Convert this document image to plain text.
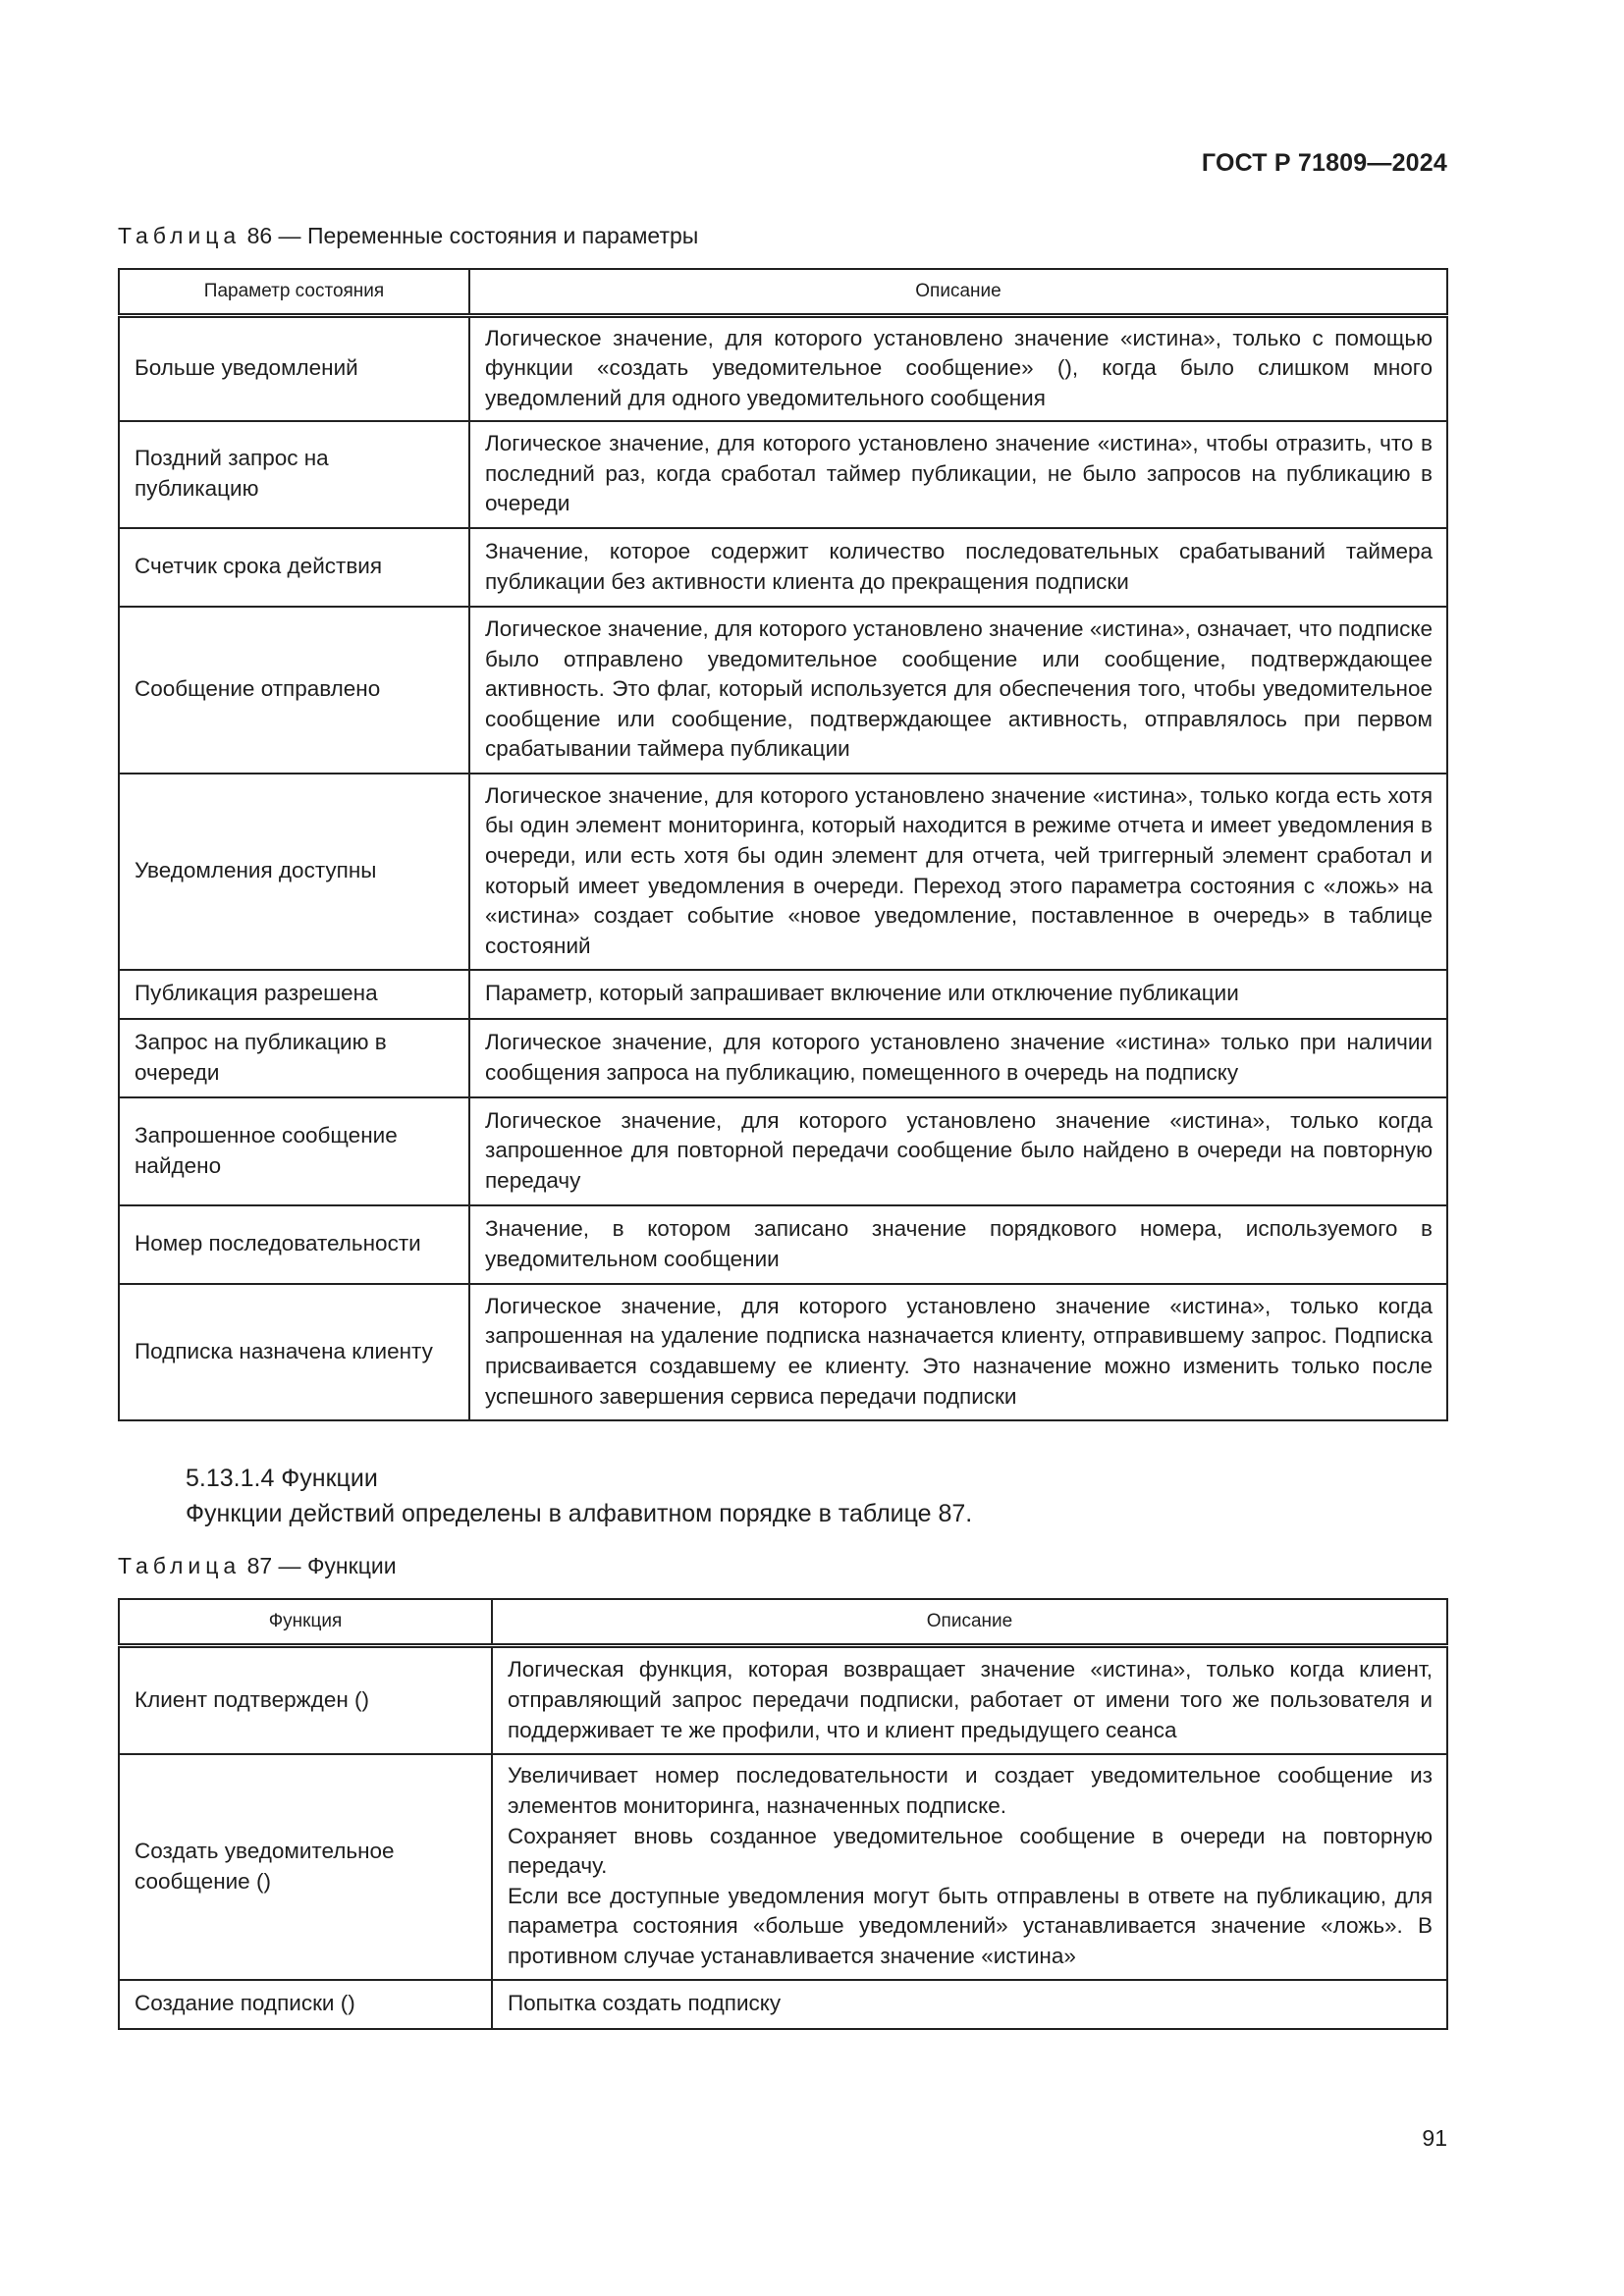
ГОСТ Р 71809—2024
Таблица 86 — Переменные состояния и параметры
Параметр состояния	Описание
Больше уведомлений	Логическое значение, для которого установлено значение «истина», только с помощью функции «создать уведомительное сообщение» (), когда было слишком много уведомлений для одного уведомительного сообщения
Поздний запрос на публикацию	Логическое значение, для которого установлено значение «истина», чтобы отразить, что в последний раз, когда сработал таймер публикации, не было запросов на публикацию в очереди
Счетчик срока действия	Значение, которое содержит количество последовательных срабатываний таймера публикации без активности клиента до прекращения подписки
Сообщение отправлено	Логическое значение, для которого установлено значение «истина», означает, что подписке было отправлено уведомительное сообщение или сообщение, подтверждающее активность. Это флаг, который используется для обеспечения того, чтобы уведомительное сообщение или сообщение, подтверждающее активность, отправлялось при первом срабатывании таймера публикации
Уведомления доступны	Логическое значение, для которого установлено значение «истина», только когда есть хотя бы один элемент мониторинга, который находится в режиме отчета и имеет уведомления в очереди, или есть хотя бы один элемент для отчета, чей триггерный элемент сработал и который имеет уведомления в очереди. Переход этого параметра состояния с «ложь» на «истина» создает событие «новое уведомление, поставленное в очередь» в таблице состояний
Публикация разрешена	Параметр, который запрашивает включение или отключение публикации
Запрос на публикацию в очереди	Логическое значение, для которого установлено значение «истина» только при наличии сообщения запроса на публикацию, помещенного в очередь на подписку
Запрошенное сообщение найдено	Логическое значение, для которого установлено значение «истина», только когда запрошенное для повторной передачи сообщение было найдено в очереди на повторную передачу
Номер последовательности	Значение, в котором записано значение порядкового номера, используемого в уведомительном сообщении
Подписка назначена клиенту	Логическое значение, для которого установлено значение «истина», только когда запрошенная на удаление подписка назначается клиенту, отправившему запрос. Подписка присваивается создавшему ее клиенту. Это назначение можно изменить только после успешного завершения сервиса передачи подписки
5.13.1.4 Функции
Функции действий определены в алфавитном порядке в таблице 87.
Таблица 87 — Функции
Функция	Описание
Клиент подтвержден ()	Логическая функция, которая возвращает значение «истина», только когда клиент, отправляющий запрос передачи подписки, работает от имени того же пользователя и поддерживает те же профили, что и клиент предыдущего сеанса
Создать уведомительное сообщение ()	Увеличивает номер последовательности и создает уведомительное сообщение из элементов мониторинга, назначенных подписке.
Сохраняет вновь созданное уведомительное сообщение в очереди на повторную передачу.
Если все доступные уведомления могут быть отправлены в ответе на публикацию, для параметра состояния «больше уведомлений» устанавливается значение «ложь». В противном случае устанавливается значение «истина»

Создание подписки ()	Попытка создать подписку
91
